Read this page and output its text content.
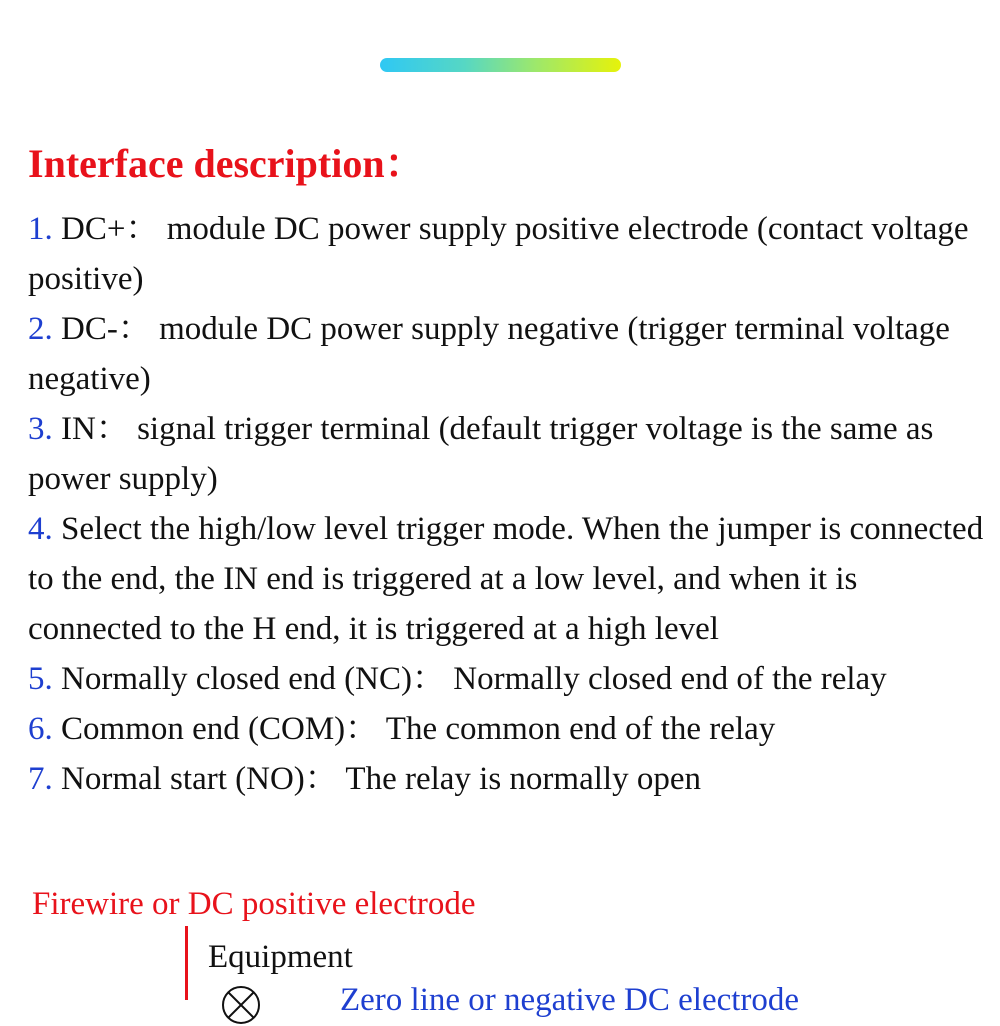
Interface description：

1. DC+： module DC power supply positive electrode (contact voltage positive)

2. DC-： module DC power supply negative (trigger terminal voltage negative)

3. IN： signal trigger terminal (default trigger voltage is the same as power supply)

4. Select the high/low level trigger mode. When the jumper is connected to the end, the IN end is triggered at a low level, and when it is connected to the H end, it is triggered at a high level

5. Normally closed end (NC)： Normally closed end of the relay

6. Common end (COM)： The common end of the relay

7. Normal start (NO)： The relay is normally open

Firewire or DC positive electrode

Equipment

Zero line or negative DC electrode
